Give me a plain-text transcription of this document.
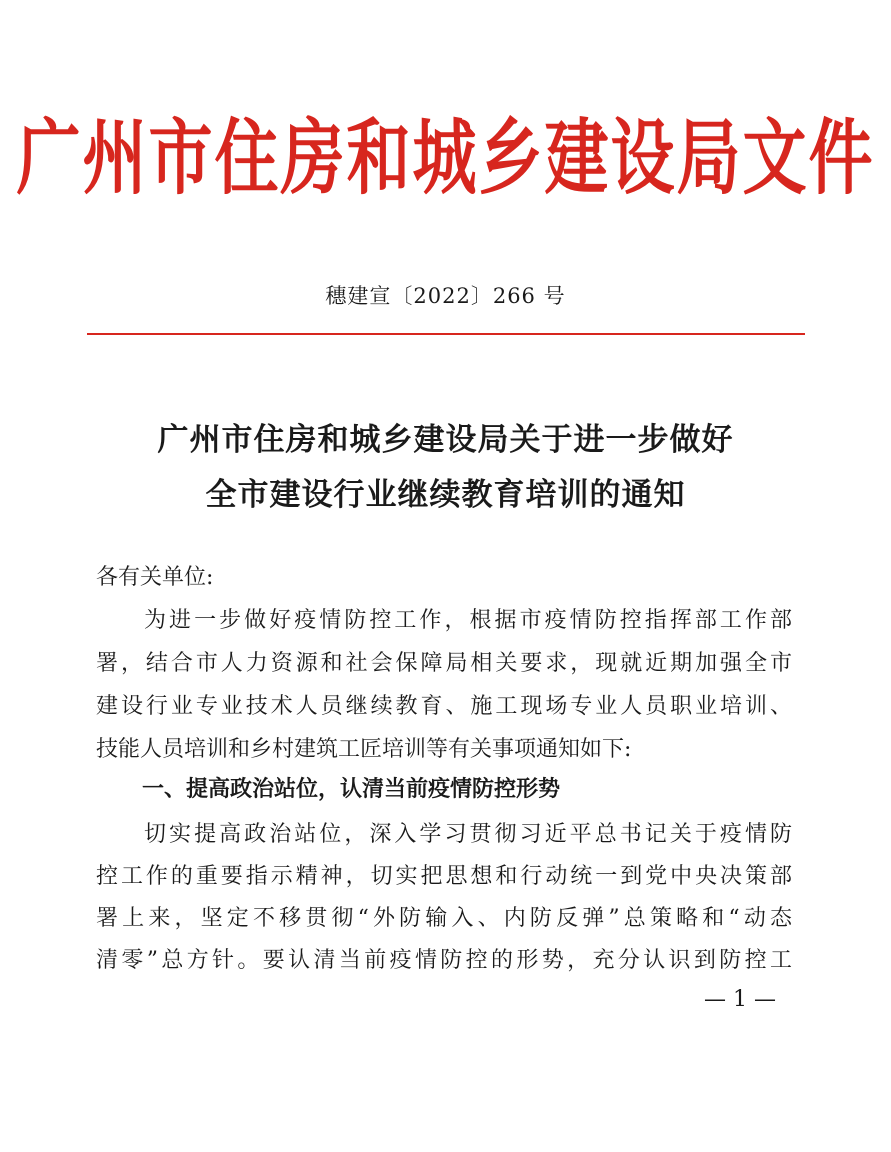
广州市住房和城乡建设局文件
穗建宣〔2022〕266 号
广州市住房和城乡建设局关于进一步做好
全市建设行业继续教育培训的通知
各有关单位:
为进一步做好疫情防控工作，根据市疫情防控指挥部工作部
署，结合市人力资源和社会保障局相关要求，现就近期加强全市
建设行业专业技术人员继续教育、施工现场专业人员职业培训、
技能人员培训和乡村建筑工匠培训等有关事项通知如下:
一、提高政治站位，认清当前疫情防控形势
切实提高政治站位，深入学习贯彻习近平总书记关于疫情防
控工作的重要指示精神，切实把思想和行动统一到党中央决策部
署上来，坚定不移贯彻“外防输入、内防反弹”总策略和“动态
清零”总方针。要认清当前疫情防控的形势，充分认识到防控工
— 1 —
